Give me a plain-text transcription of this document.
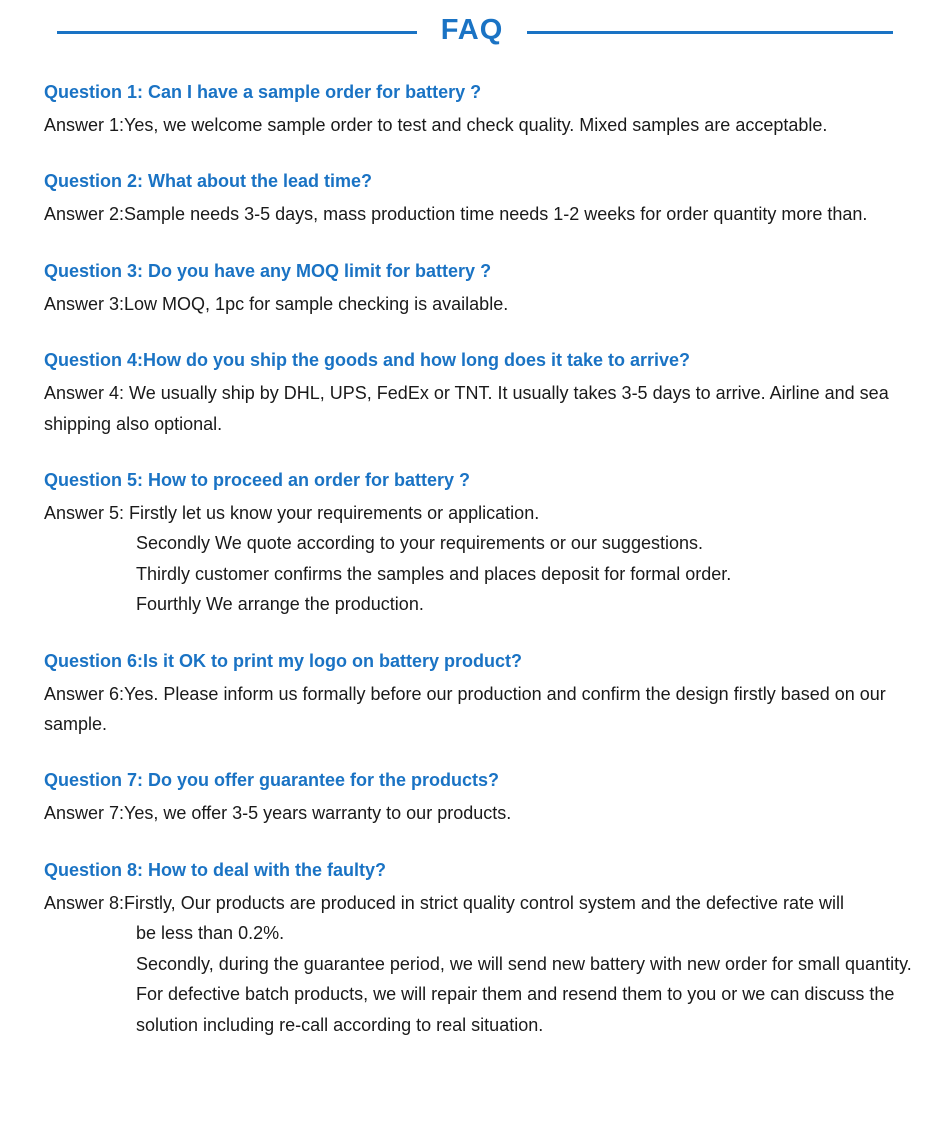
FAQ
Question 1: Can I have a sample order for battery ?
Answer 1:Yes, we welcome sample order to test and check quality. Mixed samples are acceptable.
Question 2: What about the lead time?
Answer 2:Sample needs 3-5 days, mass production time needs 1-2 weeks for order quantity more than.
Question 3: Do you have any MOQ limit for battery ?
Answer 3:Low MOQ, 1pc for sample checking is available.
Question 4:How do you ship the goods and how long does it take to arrive?
Answer 4: We usually ship by DHL, UPS, FedEx or TNT. It usually takes 3-5 days to arrive. Airline and sea shipping also optional.
Question 5: How to proceed an order for battery ?
Answer 5: Firstly let us know your requirements or application.
Secondly We quote according to your requirements or our suggestions.
Thirdly customer confirms the samples and places deposit for formal order.
Fourthly We arrange the production.
Question 6:Is it OK to print my logo on battery product?
Answer 6:Yes. Please inform us formally before our production and confirm the design firstly based on our sample.
Question 7: Do you offer guarantee for the products?
Answer 7:Yes, we offer 3-5 years warranty to our products.
Question 8: How to deal with the faulty?
Answer 8:Firstly, Our products are produced in strict quality control system and the defective rate will
be less than 0.2%.
Secondly, during the guarantee period, we will send new battery with new order for small quantity. For defective batch products, we will repair them and resend them to you or we can discuss the solution including re-call according to real situation.
